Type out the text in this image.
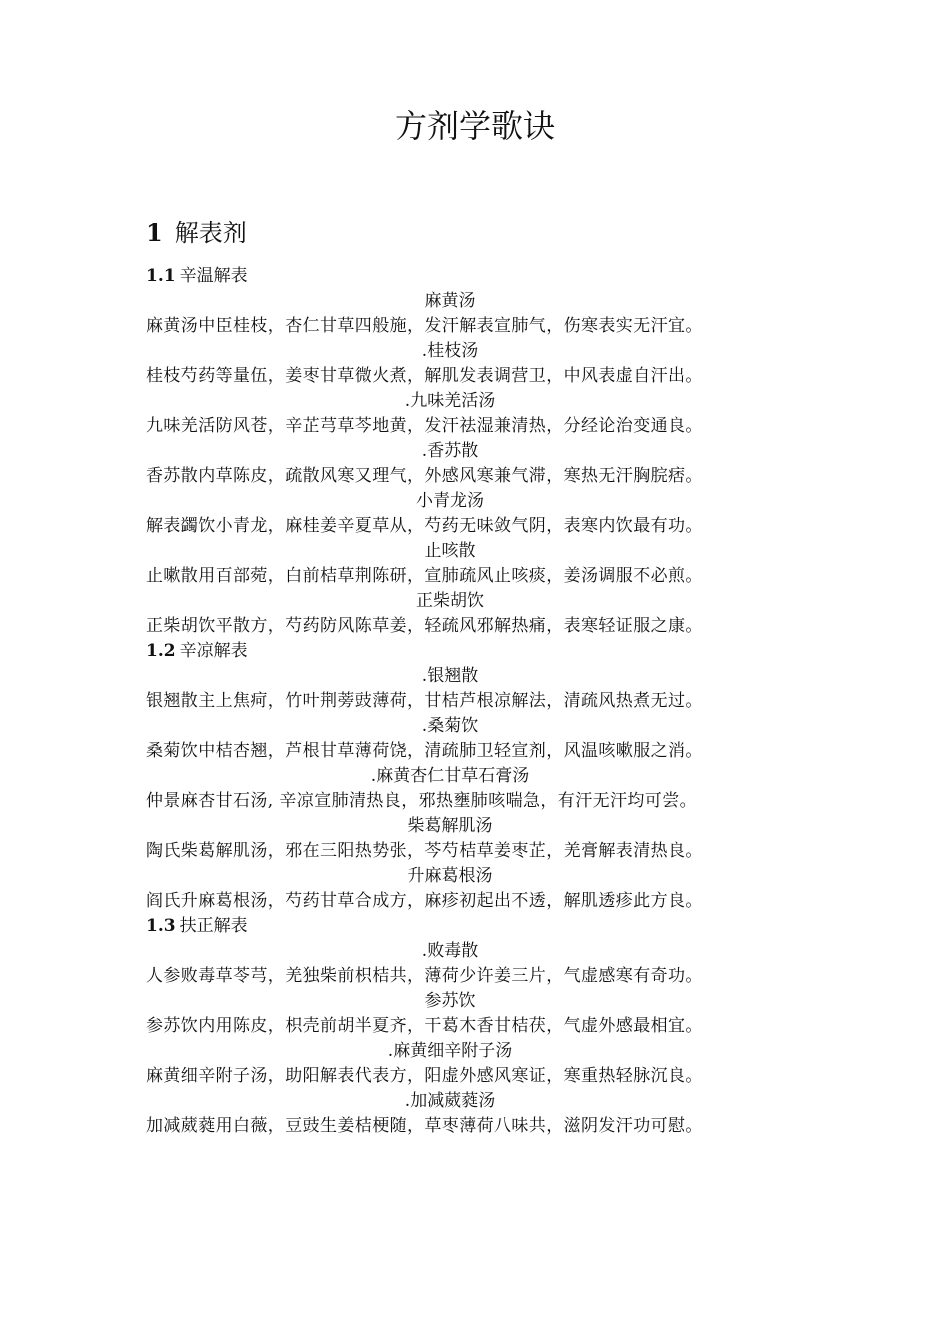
方剂学歌诀
1 解表剂
1.1 辛温解表
麻黄汤
麻黄汤中臣桂枝，杏仁甘草四般施，发汗解表宣肺气，伤寒表实无汗宜。
.桂枝汤
桂枝芍药等量伍，姜枣甘草微火煮，解肌发表调营卫，中风表虚自汗出。
.九味羌活汤
九味羌活防风苍，辛芷芎草芩地黄，发汗祛湿兼清热，分经论治变通良。
.香苏散
香苏散内草陈皮，疏散风寒又理气，外感风寒兼气滞，寒热无汗胸脘痞。
小青龙汤
解表蠲饮小青龙，麻桂姜辛夏草从，芍药无味敛气阴，表寒内饮最有功。
止咳散
止嗽散用百部菀，白前桔草荆陈研，宣肺疏风止咳痰，姜汤调服不必煎。
正柴胡饮
正柴胡饮平散方，芍药防风陈草姜，轻疏风邪解热痛，表寒轻证服之康。
1.2 辛凉解表
.银翘散
银翘散主上焦疴，竹叶荆蒡豉薄荷，甘桔芦根凉解法，清疏风热煮无过。
.桑菊饮
桑菊饮中桔杏翘，芦根甘草薄荷饶，清疏肺卫轻宣剂，风温咳嗽服之消。
.麻黄杏仁甘草石膏汤
仲景麻杏甘石汤, 辛凉宣肺清热良，邪热壅肺咳喘急，有汗无汗均可尝。
柴葛解肌汤
陶氏柴葛解肌汤，邪在三阳热势张，芩芍桔草姜枣芷，羌膏解表清热良。
升麻葛根汤
阎氏升麻葛根汤，芍药甘草合成方，麻疹初起出不透，解肌透疹此方良。
1.3 扶正解表
.败毒散
人参败毒草苓芎，羌独柴前枳桔共，薄荷少许姜三片，气虚感寒有奇功。
参苏饮
参苏饮内用陈皮，枳壳前胡半夏齐，干葛木香甘桔茯，气虚外感最相宜。
.麻黄细辛附子汤
麻黄细辛附子汤，助阳解表代表方，阳虚外感风寒证，寒重热轻脉沉良。
.加减葳蕤汤
加减葳蕤用白薇，豆豉生姜桔梗随，草枣薄荷八味共，滋阴发汗功可慰。
